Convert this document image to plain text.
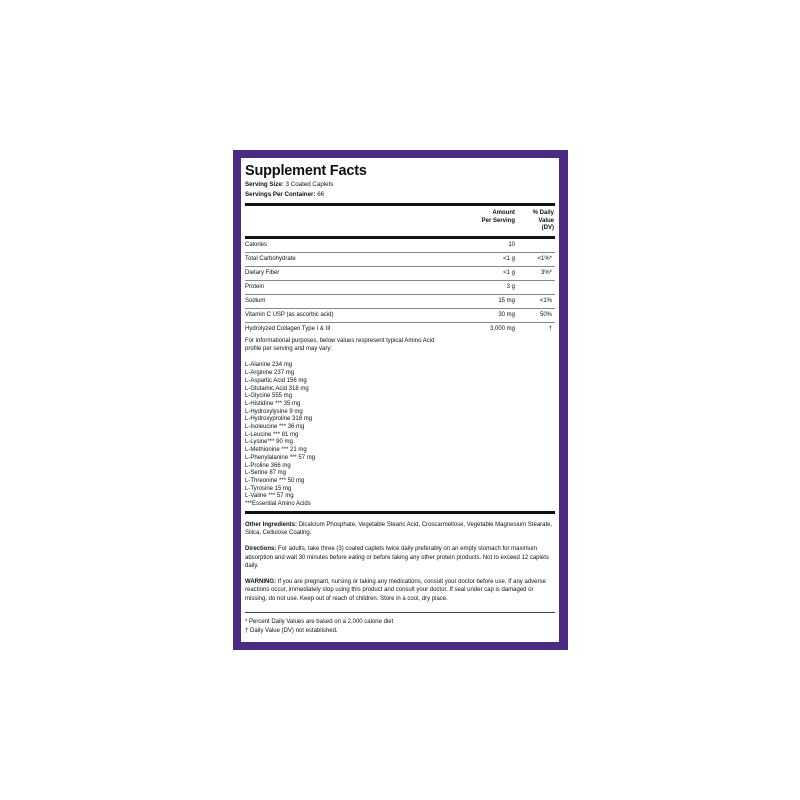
Supplement Facts
Serving Size: 3 Coated Caplets
Servings Per Container: 66
Amount
Per Serving
% Daily
Value
(DV)
Calories	10
Total Carbohydrate	<1 g	<1%*
Dietary Fiber	<1 g	3%*
Protein	3 g
Sodium	15 mg	<1%
Vitamin C USP (as ascorbic acid)	30 mg	50%
Hydrolyzed Collagen Type I & III	3,000 mg	†
For informational purposes, below values respresent typical Amino Acid
profile per serving and may vary:
L-Alanine 234 mg
L-Arginine 237 mg
L-Aspartic Acid 156 mg
L-Glutamic Acid 318 mg
L-Glycine 555 mg
L-Histidine *** 35 mg
L-Hydroxylysine 9 mg
L-Hydroxyproline 318 mg
L-Isoleucine *** 36 mg
L-Leucine *** 81 mg
L-Lysine*** 90 mg
L-Methionine *** 21 mg
L-Phenylalanine *** 57 mg
L-Proline 366 mg
L-Serine 87 mg
L-Threonine *** 50 mg
L-Tyrosine 15 mg
L-Valine *** 57 mg
***Essential Amino Acids
Other Ingredients: Dicalcium Phosphate, Vegetable Stearic Acid, Croscarmellose, Vegetable Magnesium Stearate, Silica, Cellulose Coating.
Directions: For adults, take three (3) coated caplets twice daily preferably on an empty stomach for maximum absorption and wait 30 minutes before eating or before taking any other protein products. Not to exceed 12 caplets daily.
WARNING: If you are pregnant, nursing or taking any medications, consult your doctor before use. If any adverse reactions occur, immediately stop using this product and consult your doctor. If seal under cap is damaged or missing, do not use. Keep out of reach of children. Store in a cool, dry place.
* Percent Daily Values are based on a 2,000 calorie diet
† Daily Value (DV) not established.
